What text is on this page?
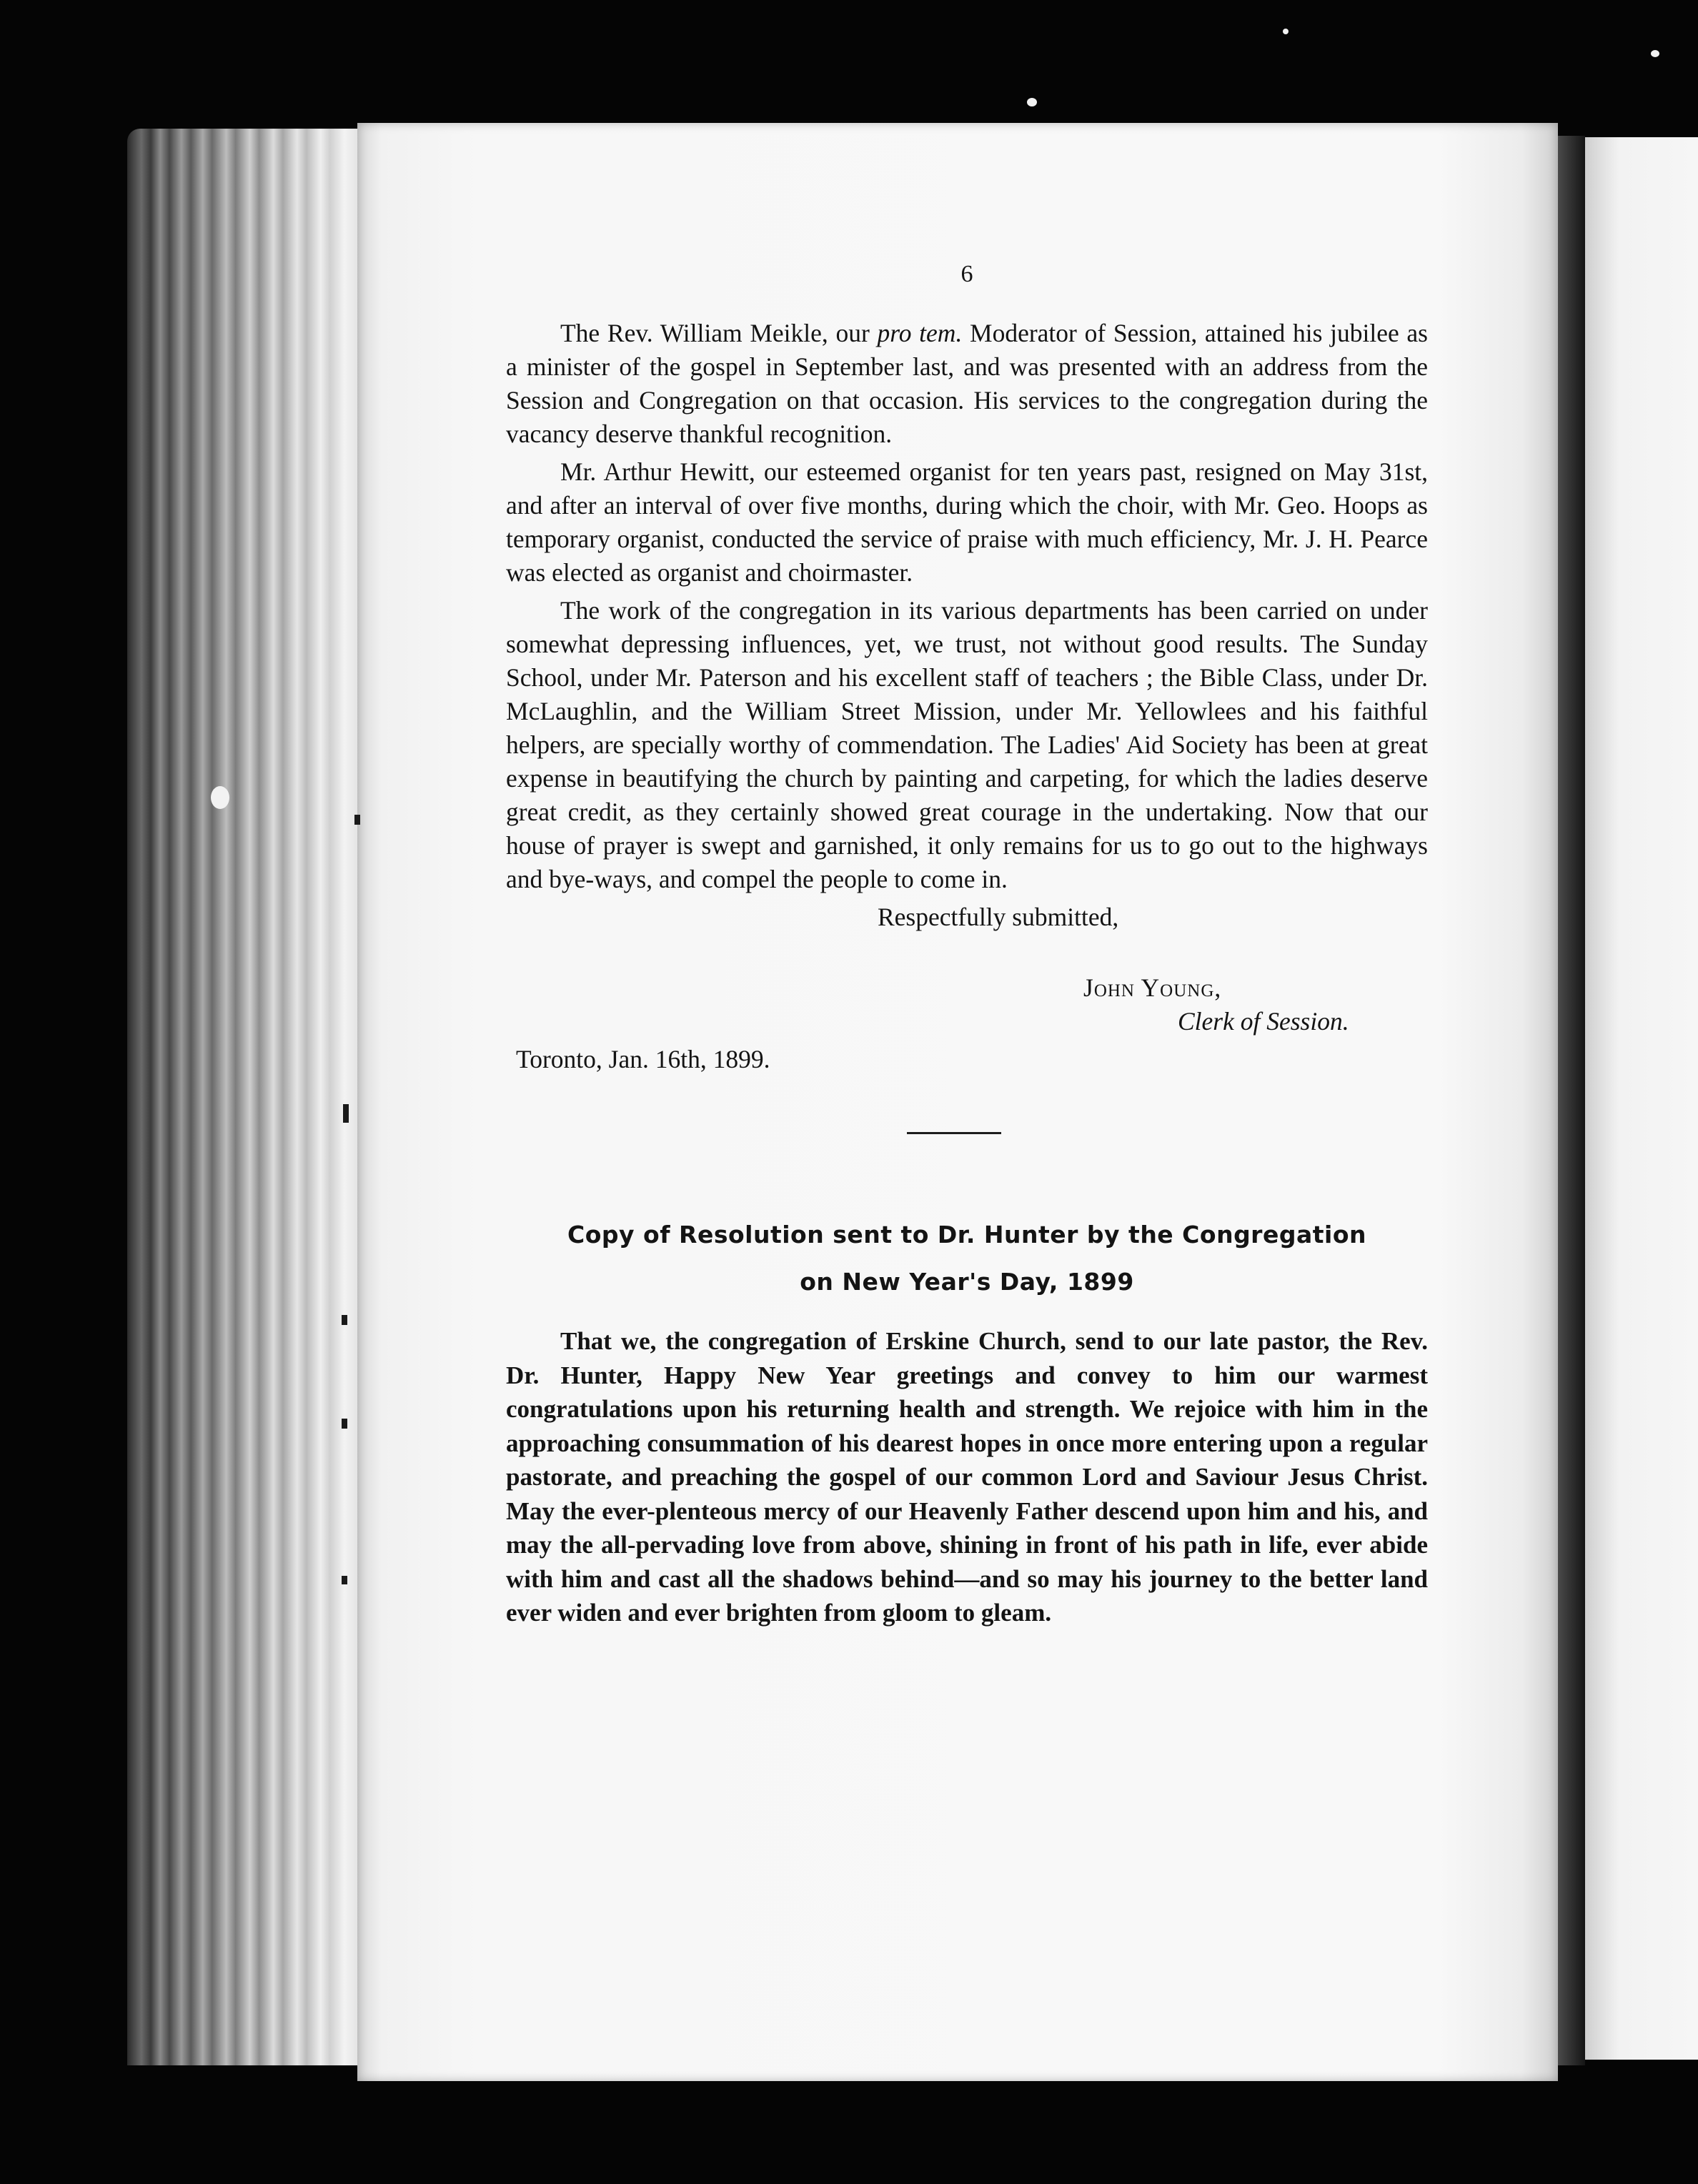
6

The Rev. William Meikle, our pro tem. Moderator of Session, attained his jubilee as a minister of the gospel in September last, and was presented with an address from the Session and Congregation on that occasion. His services to the congregation during the vacancy deserve thankful recognition.

Mr. Arthur Hewitt, our esteemed organist for ten years past, resigned on May 31st, and after an interval of over five months, during which the choir, with Mr. Geo. Hoops as temporary organist, conducted the service of praise with much efficiency, Mr. J. H. Pearce was elected as organist and choirmaster.

The work of the congregation in its various departments has been carried on under somewhat depressing influences, yet, we trust, not without good results. The Sunday School, under Mr. Paterson and his excellent staff of teachers ; the Bible Class, under Dr. McLaughlin, and the William Street Mission, under Mr. Yellowlees and his faithful helpers, are specially worthy of commendation. The Ladies' Aid Society has been at great expense in beautifying the church by painting and carpeting, for which the ladies deserve great credit, as they certainly showed great courage in the undertaking. Now that our house of prayer is swept and garnished, it only remains for us to go out to the highways and bye-ways, and compel the people to come in.

Respectfully submitted,

John Young,

Clerk of Session.

Toronto, Jan. 16th, 1899.

Copy of Resolution sent to Dr. Hunter by the Congregation

on New Year's Day, 1899

That we, the congregation of Erskine Church, send to our late pastor, the Rev. Dr. Hunter, Happy New Year greetings and convey to him our warmest congratulations upon his returning health and strength. We rejoice with him in the approaching consummation of his dearest hopes in once more entering upon a regular pastorate, and preaching the gospel of our common Lord and Saviour Jesus Christ. May the ever-plenteous mercy of our Heavenly Father descend upon him and his, and may the all-pervading love from above, shining in front of his path in life, ever abide with him and cast all the shadows behind—and so may his journey to the better land ever widen and ever brighten from gloom to gleam.
